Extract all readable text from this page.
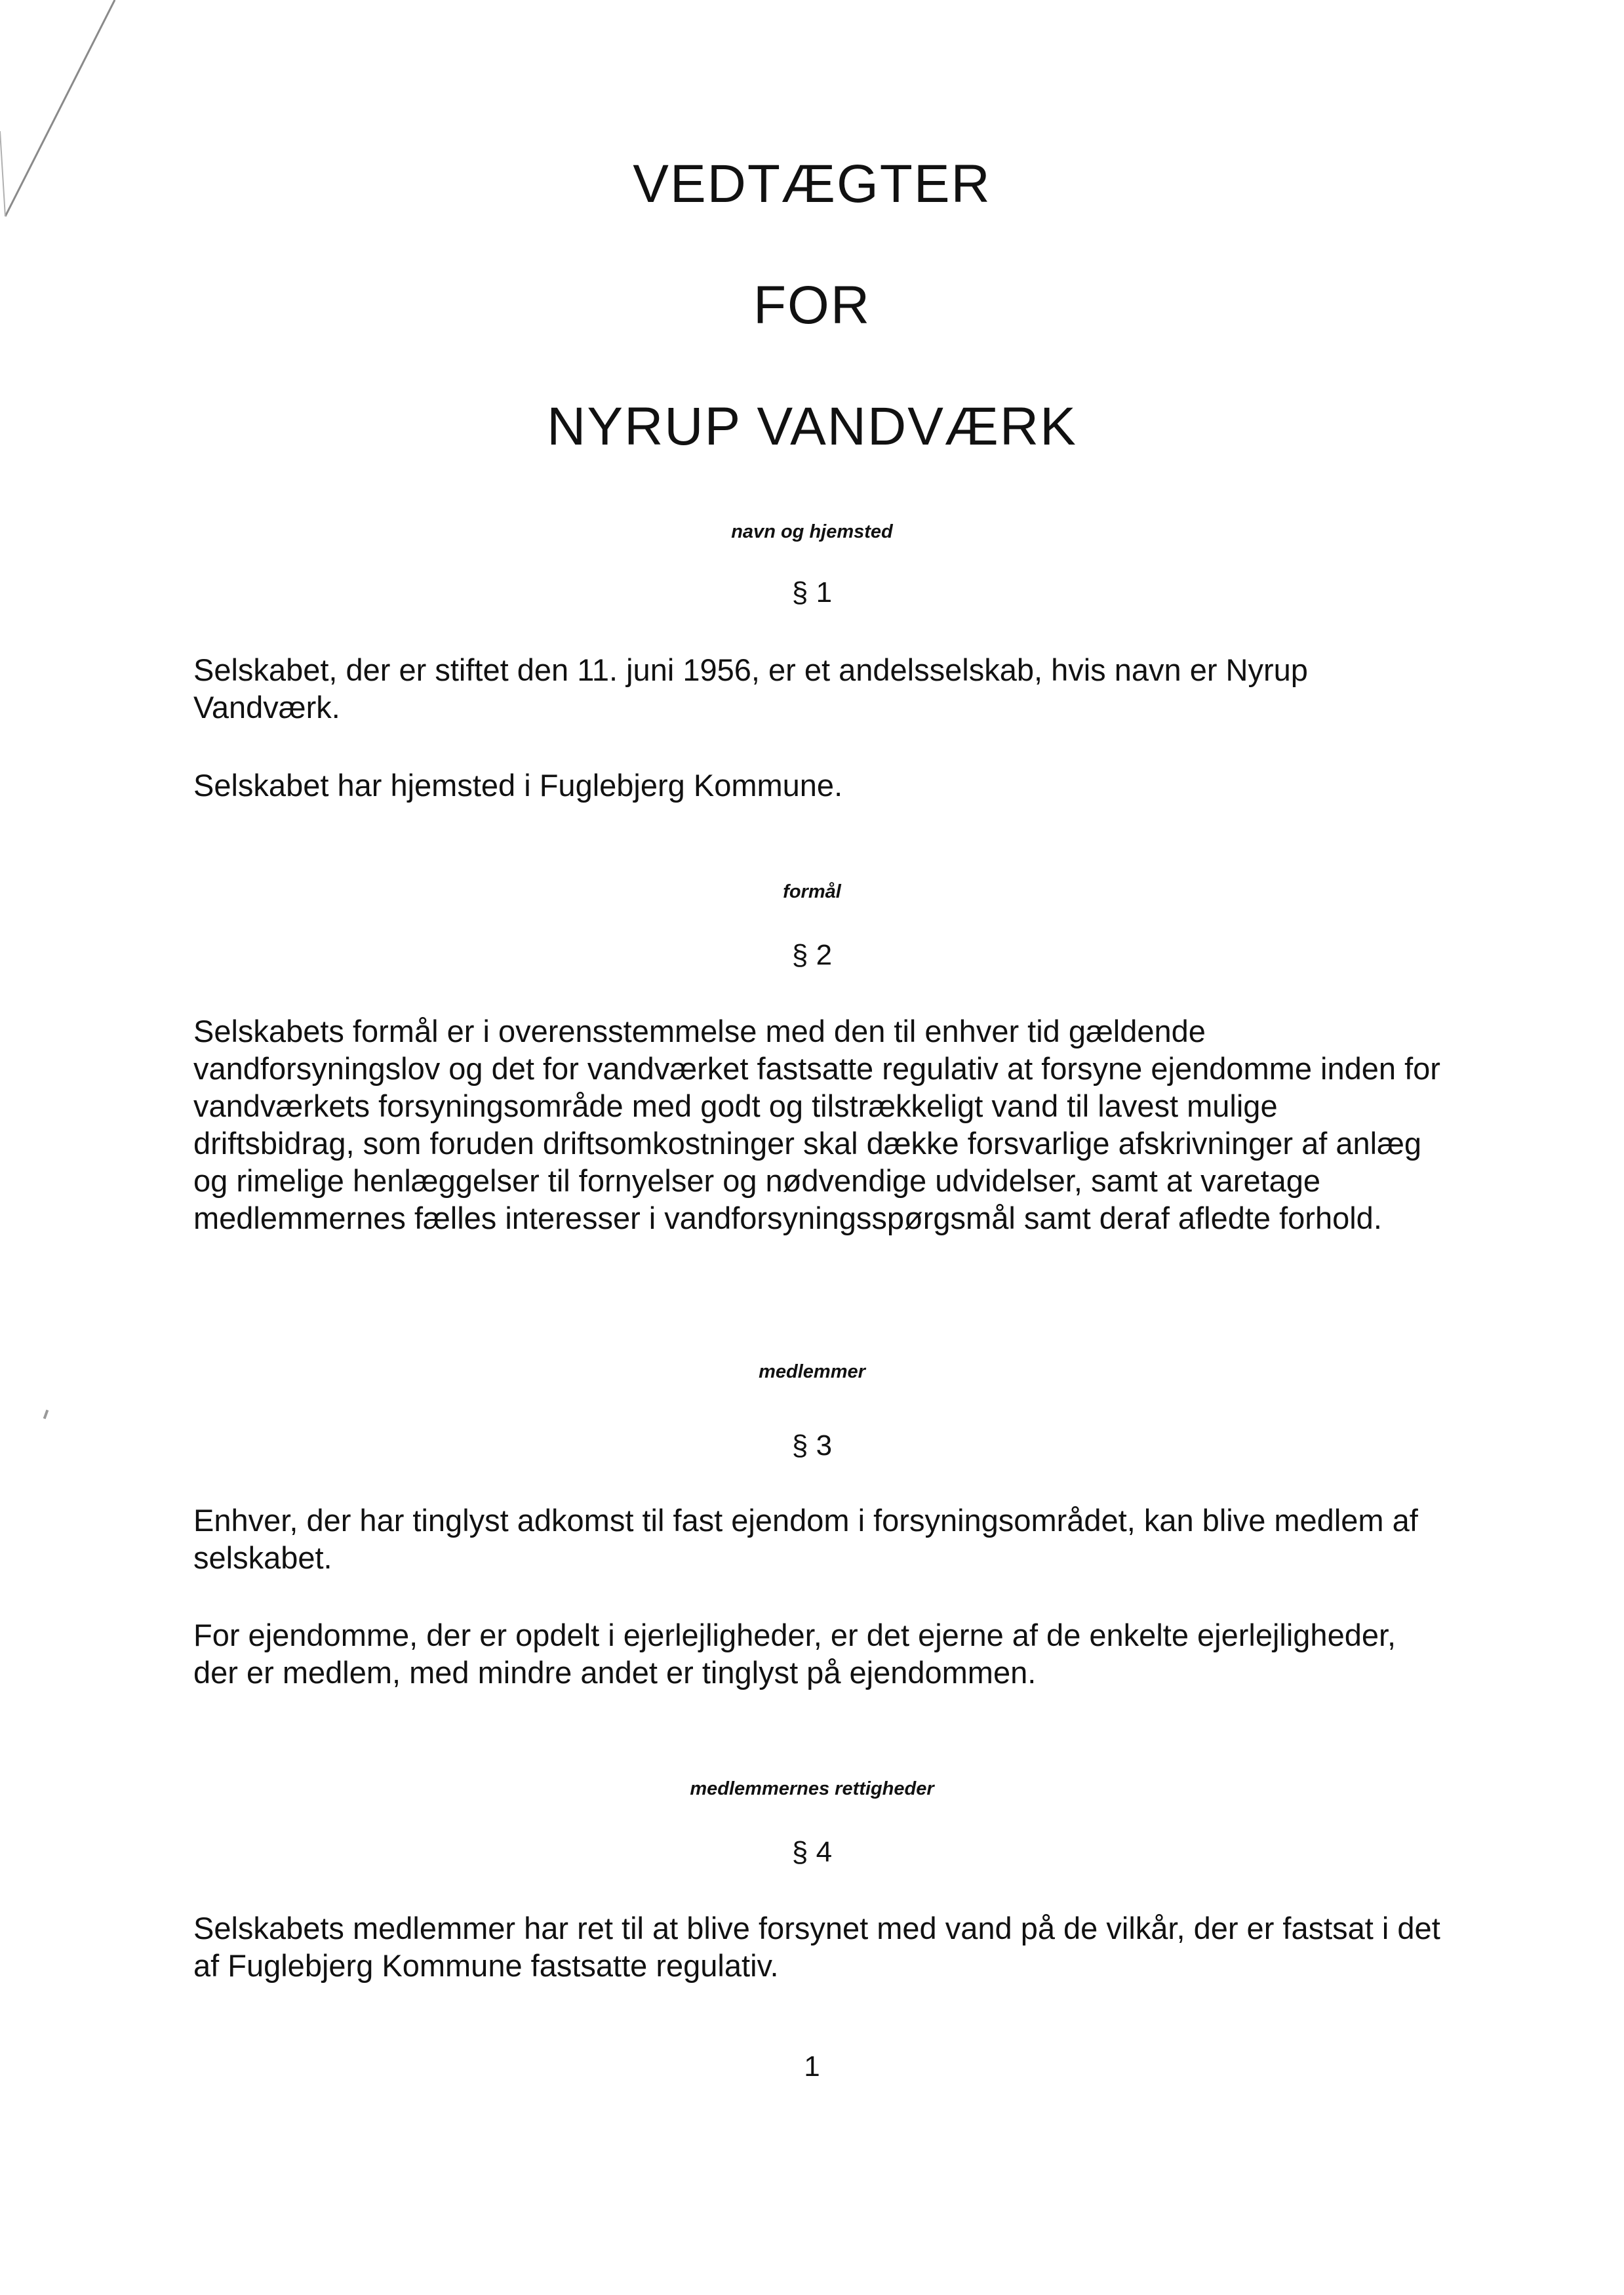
VEDTÆGTER
FOR
NYRUP VANDVÆRK
navn og hjemsted
§ 1

Selskabet, der er stiftet den 11. juni 1956, er et andelsselskab, hvis navn er Nyrup Vandværk.

Selskabet har hjemsted i Fuglebjerg Kommune.

formål
§ 2

Selskabets formål er i overensstemmelse med den til enhver tid gældende vandforsyningslov og det for vandværket fastsatte regulativ at forsyne ejendomme inden for vandværkets forsyningsområde med godt og tilstrækkeligt vand til lavest mulige driftsbidrag, som foruden driftsomkostninger skal dække forsvarlige afskrivninger af anlæg og rimelige henlæggelser til fornyelser og nødvendige udvidelser, samt at varetage medlemmernes fælles interesser i vandforsyningsspørgsmål samt deraf afledte forhold.

medlemmer
§ 3

Enhver, der har tinglyst adkomst til fast ejendom i forsyningsområdet, kan blive medlem af selskabet.

For ejendomme, der er opdelt i ejerlejligheder, er det ejerne af de enkelte ejerlejligheder, der er medlem, med mindre andet er tinglyst på ejendommen.

medlemmernes rettigheder
§ 4

Selskabets medlemmer har ret til at blive forsynet med vand på de vilkår, der er fastsat i det af Fuglebjerg Kommune fastsatte regulativ.

1
